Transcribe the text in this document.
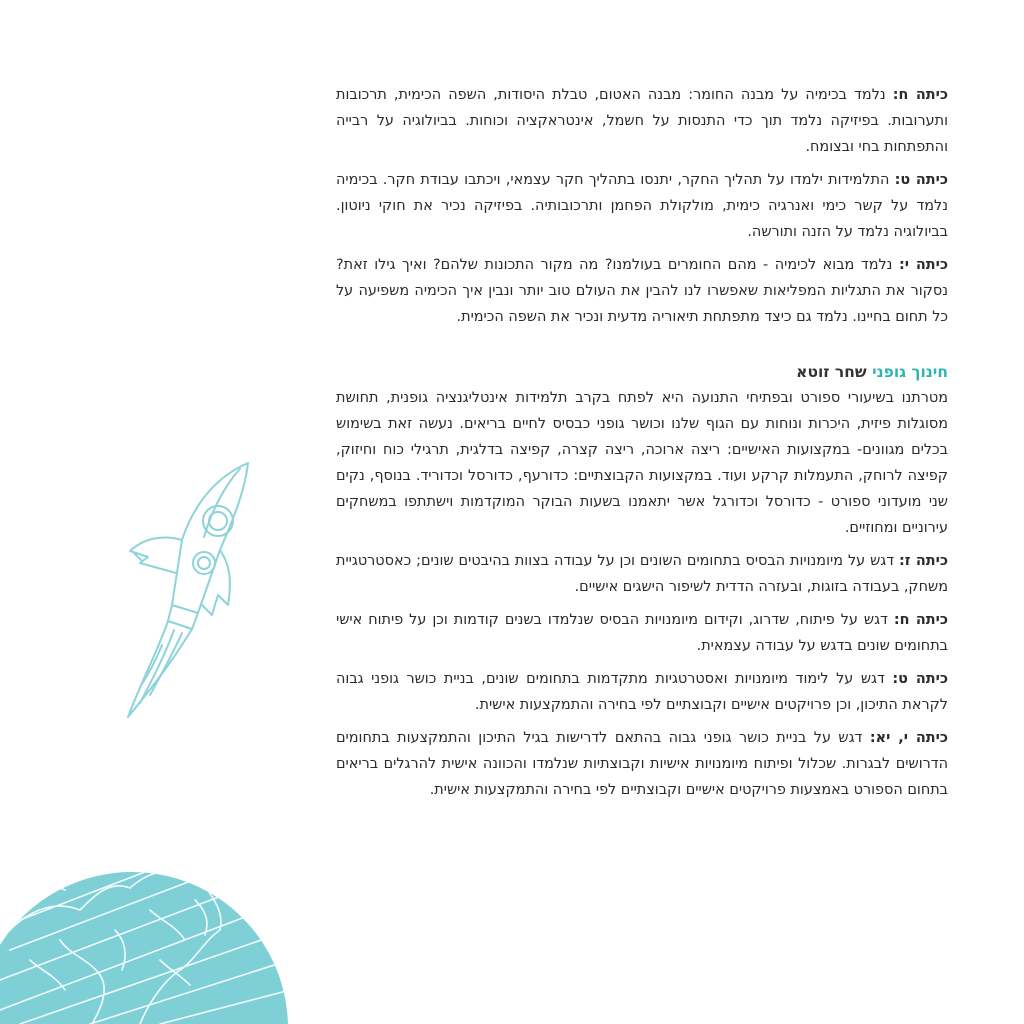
כיתה ח: נלמד בכימיה על מבנה החומר: מבנה האטום, טבלת היסודות, השפה הכימית, תרכובות ותערובות. בפיזיקה נלמד תוך כדי התנסות על חשמל, אינטראקציה וכוחות. בביולוגיה על רבייה והתפתחות בחי ובצומח.

כיתה ט: התלמידות ילמדו על תהליך החקר, יתנסו בתהליך חקר עצמאי, ויכתבו עבודת חקר. בכימיה נלמד על קשר כימי ואנרגיה כימית, מולקולת הפחמן ותרכובותיה. בפיזיקה נכיר את חוקי ניוטון. בביולוגיה נלמד על הזנה ותורשה.

כיתה י: נלמד מבוא לכימיה - מהם החומרים בעולמנו? מה מקור התכונות שלהם? ואיך גילו זאת? נסקור את התגליות המפליאות שאפשרו לנו להבין את העולם טוב יותר ונבין איך הכימיה משפיעה על כל תחום בחיינו. נלמד גם כיצד מתפתחת תיאוריה מדעית ונכיר את השפה הכימית.

חינוך גופני שחר זוטא

מטרתנו בשיעורי ספורט ובפתיחי התנועה היא לפתח בקרב תלמידות אינטליגנציה גופנית, תחושת מסוגלות פיזית, היכרות ונוחות עם הגוף שלנו וכושר גופני כבסיס לחיים בריאים. נעשה זאת בשימוש בכלים מגוונים- במקצועות האישיים: ריצה ארוכה, ריצה קצרה, קפיצה בדלגית, תרגילי כוח וחיזוק, קפיצה לרוחק, התעמלות קרקע ועוד. במקצועות הקבוצתיים: כדורעף, כדורסל וכדוריד. בנוסף, נקים שני מועדוני ספורט - כדורסל וכדורגל אשר יתאמנו בשעות הבוקר המוקדמות וישתתפו במשחקים עירוניים ומחוזיים.

כיתה ז: דגש על מיומנויות הבסיס בתחומים השונים וכן על עבודה בצוות בהיבטים שונים; כאסטרטגיית משחק, בעבודה בזוגות, ובעזרה הדדית לשיפור הישגים אישיים.

כיתה ח: דגש על פיתוח, שדרוג, וקידום מיומנויות הבסיס שנלמדו בשנים קודמות וכן על פיתוח אישי בתחומים שונים בדגש על עבודה עצמאית.

כיתה ט: דגש על לימוד מיומנויות ואסטרטגיות מתקדמות בתחומים שונים, בניית כושר גופני גבוה לקראת התיכון, וכן פרויקטים אישיים וקבוצתיים לפי בחירה והתמקצעות אישית.

כיתה י, יא: דגש על בניית כושר גופני גבוה בהתאם לדרישות בגיל התיכון והתמקצעות בתחומים הדרושים לבגרות. שכלול ופיתוח מיומנויות אישיות וקבוצתיות שנלמדו והכוונה אישית להרגלים בריאים בתחום הספורט באמצעות פרויקטים אישיים וקבוצתיים לפי בחירה והתמקצעות אישית.
